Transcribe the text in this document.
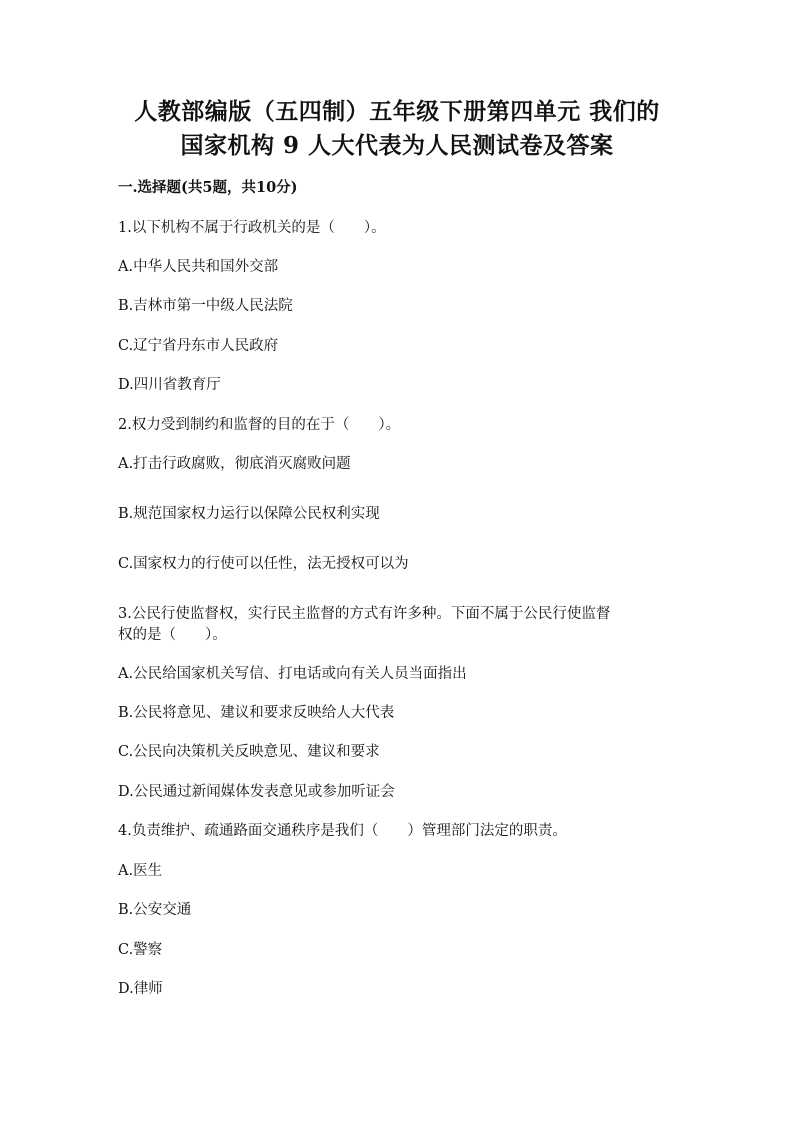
人教部编版（五四制）五年级下册第四单元 我们的
国家机构 9 人大代表为人民测试卷及答案
一.选择题(共5题，共10分)
1.以下机构不属于行政机关的是（　　）。
A.中华人民共和国外交部
B.吉林市第一中级人民法院
C.辽宁省丹东市人民政府
D.四川省教育厅
2.权力受到制约和监督的目的在于（　　）。
A.打击行政腐败，彻底消灭腐败问题
B.规范国家权力运行以保障公民权利实现
C.国家权力的行使可以任性，法无授权可以为
3.公民行使监督权，实行民主监督的方式有许多种。下面不属于公民行使监督
权的是（　　）。
A.公民给国家机关写信、打电话或向有关人员当面指出
B.公民将意见、建议和要求反映给人大代表
C.公民向决策机关反映意见、建议和要求
D.公民通过新闻媒体发表意见或参加听证会
4.负责维护、疏通路面交通秩序是我们（　　）管理部门法定的职责。
A.医生
B.公安交通
C.警察
D.律师
